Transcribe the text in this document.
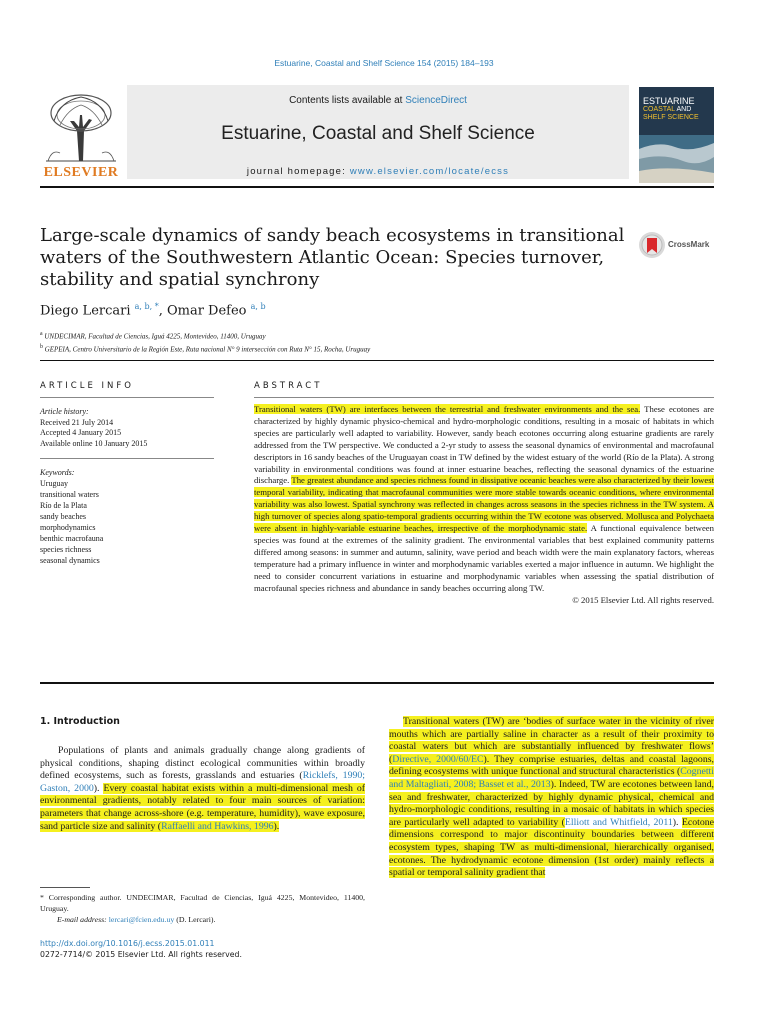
Estuarine, Coastal and Shelf Science 154 (2015) 184–193
ELSEVIER
Contents lists available at ScienceDirect
Estuarine, Coastal and Shelf Science
journal homepage: www.elsevier.com/locate/ecss
ESTUARINE
COASTAL AND
SHELF SCIENCE
Large-scale dynamics of sandy beach ecosystems in transitional waters of the Southwestern Atlantic Ocean: Species turnover, stability and spatial synchrony
CrossMark
Diego Lercari $^{a, b, *}$, Omar Defeo $^{a, b}$
$^a$ UNDECIMAR, Facultad de Ciencias, Iguá 4225, Montevideo, 11400, Uruguay
$^b$ GEPEIA, Centro Universitario de la Región Este, Ruta nacional N° 9 intersección con Ruta N° 15, Rocha, Uruguay
ARTICLE INFO	ABSTRACT
Article history:
Received 21 July 2014
Accepted 4 January 2015
Available online 10 January 2015
Keywords:
Uruguay
transitional waters
Río de la Plata
sandy beaches
morphodynamics
benthic macrofauna
species richness
seasonal dynamics
Transitional waters (TW) are interfaces between the terrestrial and freshwater environments and the sea. These ecotones are characterized by highly dynamic physico-chemical and hydro-morphologic conditions, resulting in a mosaic of habitats in which species are particularly well adapted to variability. However, sandy beach ecotones occurring along estuarine gradients are rarely addressed from the TW perspective. We conducted a 2-yr study to assess the seasonal dynamics of environmental and macrofaunal descriptors in 16 sandy beaches of the Uruguayan coast in TW defined by the widest estuary of the world (Río de la Plata). A strong variability in environmental conditions was found at inner estuarine beaches, reflecting the seasonal dynamics of the estuarine discharge. The greatest abundance and species richness found in dissipative oceanic beaches were also characterized by their lowest temporal variability, indicating that macrofaunal communities were more stable towards oceanic conditions, where environmental variability was also lowest. Spatial synchrony was reflected in changes across seasons in the species richness in the TW system. A high turnover of species along spatio-temporal gradients occurring within the TW ecotone was observed. Mollusca and Polychaeta were absent in highly-variable estuarine beaches, irrespective of the morphodynamic state. A functional equivalence between species was found at the extremes of the salinity gradient. The environmental variables that best explained community patterns differed among seasons: in summer and autumn, salinity, wave period and beach width were the main explanatory factors, whereas temperature had a primary influence in winter and morphodynamic variables exerted a major influence in autumn. We highlight the need to consider concurrent variations in estuarine and morphodynamic variables when assessing the spatial distribution of macrofaunal species richness and abundance in sandy beaches occurring along TW.
© 2015 Elsevier Ltd. All rights reserved.
1. Introduction
Populations of plants and animals gradually change along gradients of physical conditions, shaping distinct ecological communities within broadly defined ecosystems, such as forests, grasslands and estuaries (Ricklefs, 1990; Gaston, 2000). Every coastal habitat exists within a multi-dimensional mesh of environmental gradients, notably related to four main sources of variation: parameters that change across-shore (e.g. temperature, humidity), wave exposure, sand particle size and salinity (Raffaelli and Hawkins, 1996).
Transitional waters (TW) are ‘bodies of surface water in the vicinity of river mouths which are partially saline in character as a result of their proximity to coastal waters but which are substantially influenced by freshwater flows’ (Directive, 2000/60/EC). They comprise estuaries, deltas and coastal lagoons, defining ecosystems with unique functional and structural characteristics (Cognetti and Maltagliati, 2008; Basset et al., 2013). Indeed, TW are ecotones between land, sea and freshwater, characterized by highly dynamic physical, chemical and hydro-morphologic conditions, resulting in a mosaic of habitats in which species are particularly well adapted to variability (Elliott and Whitfield, 2011). Ecotone dimensions correspond to major discontinuity boundaries between different ecosystem types, shaping TW as multi-dimensional, hierarchically organised, ecotones. The hydrodynamic ecotone dimension (1st order) mainly reflects a spatial or temporal salinity gradient that
* Corresponding author. UNDECIMAR, Facultad de Ciencias, Iguá 4225, Montevideo, 11400, Uruguay.
E-mail address: lercari@fcien.edu.uy (D. Lercari).
http://dx.doi.org/10.1016/j.ecss.2015.01.011
0272-7714/© 2015 Elsevier Ltd. All rights reserved.
